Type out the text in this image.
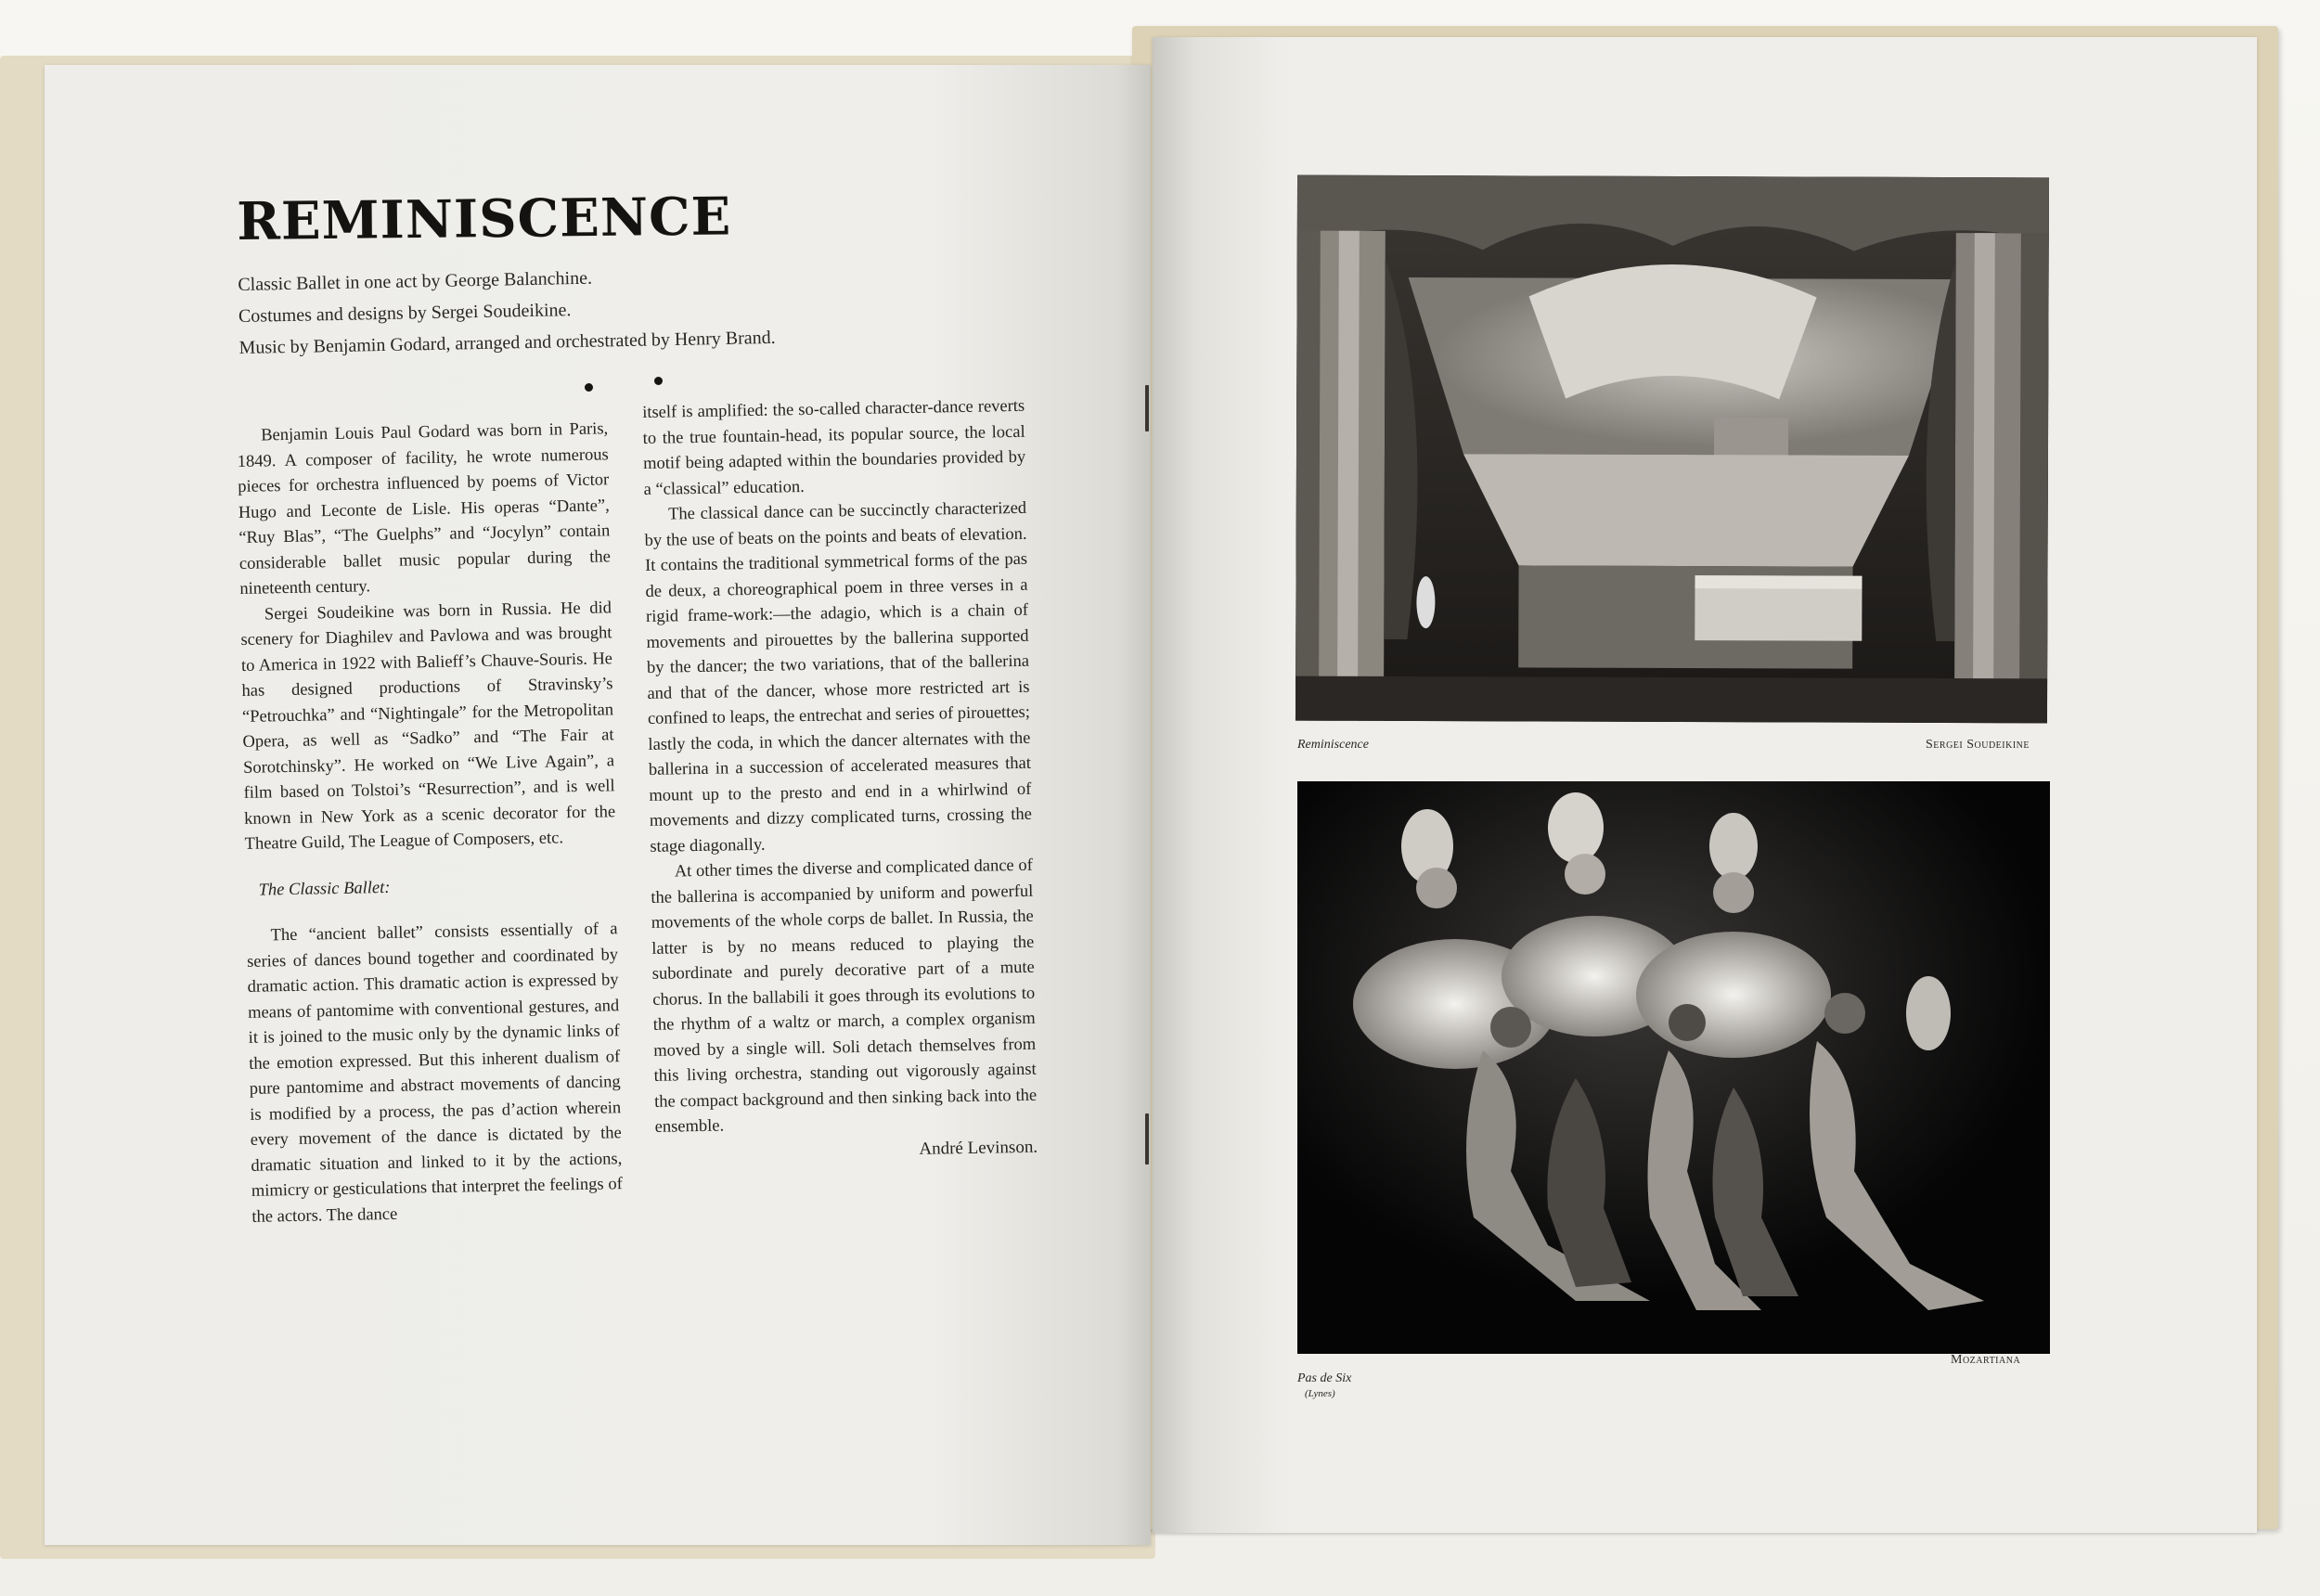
REMINISCENCE
Classic Ballet in one act by George Balanchine.
Costumes and designs by Sergei Soudeikine.
Music by Benjamin Godard, arranged and orchestrated by Henry Brand.

Benjamin Louis Paul Godard was born in Paris, 1849. A composer of facility, he wrote numerous pieces for orchestra influenced by poems of Victor Hugo and Leconte de Lisle. His operas “Dante”, “Ruy Blas”, “The Guelphs” and “Jocylyn” contain considerable ballet music popular during the nineteenth century.

Sergei Soudeikine was born in Russia. He did scenery for Diaghilev and Pavlowa and was brought to America in 1922 with Balieff’s Chauve-Souris. He has designed productions of Stravinsky’s “Petrouchka” and “Nightingale” for the Metropolitan Opera, as well as “Sadko” and “The Fair at Sorotchinsky”. He worked on “We Live Again”, a film based on Tolstoi’s “Resurrection”, and is well known in New York as a scenic decorator for the Theatre Guild, The League of Composers, etc.

The Classic Ballet:

The “ancient ballet” consists essentially of a series of dances bound together and coordinated by dramatic action. This dramatic action is expressed by means of pantomime with conventional gestures, and it is joined to the music only by the dynamic links of the emotion expressed. But this inherent dualism of pure pantomime and abstract movements of dancing is modified by a process, the pas d’action wherein every movement of the dance is dictated by the dramatic situation and linked to it by the actions, mimicry or gesticulations that interpret the feelings of the actors. The dance

itself is amplified: the so-called character-dance reverts to the true fountain-head, its popular source, the local motif being adapted within the boundaries provided by a “classical” education.

The classical dance can be succinctly characterized by the use of beats on the points and beats of elevation. It contains the traditional symmetrical forms of the pas de deux, a choreographical poem in three verses in a rigid frame-work:—the adagio, which is a chain of movements and pirouettes by the ballerina supported by the dancer; the two variations, that of the ballerina and that of the dancer, whose more restricted art is confined to leaps, the entrechat and series of pirouettes; lastly the coda, in which the dancer alternates with the ballerina in a succession of accelerated measures that mount up to the presto and end in a whirlwind of movements and dizzy complicated turns, crossing the stage diagonally.

At other times the diverse and complicated dance of the ballerina is accompanied by uniform and powerful movements of the whole corps de ballet. In Russia, the latter is by no means reduced to playing the subordinate and purely decorative part of a mute chorus. In the ballabili it goes through its evolutions to the rhythm of a waltz or march, a complex organism moved by a single will. Soli detach themselves from this living orchestra, standing out vigorously against the compact background and then sinking back into the ensemble.

André Levinson.

Reminiscence	Sergei Soudeikine
Pas de Six
(Lynes)
Mozartiana
